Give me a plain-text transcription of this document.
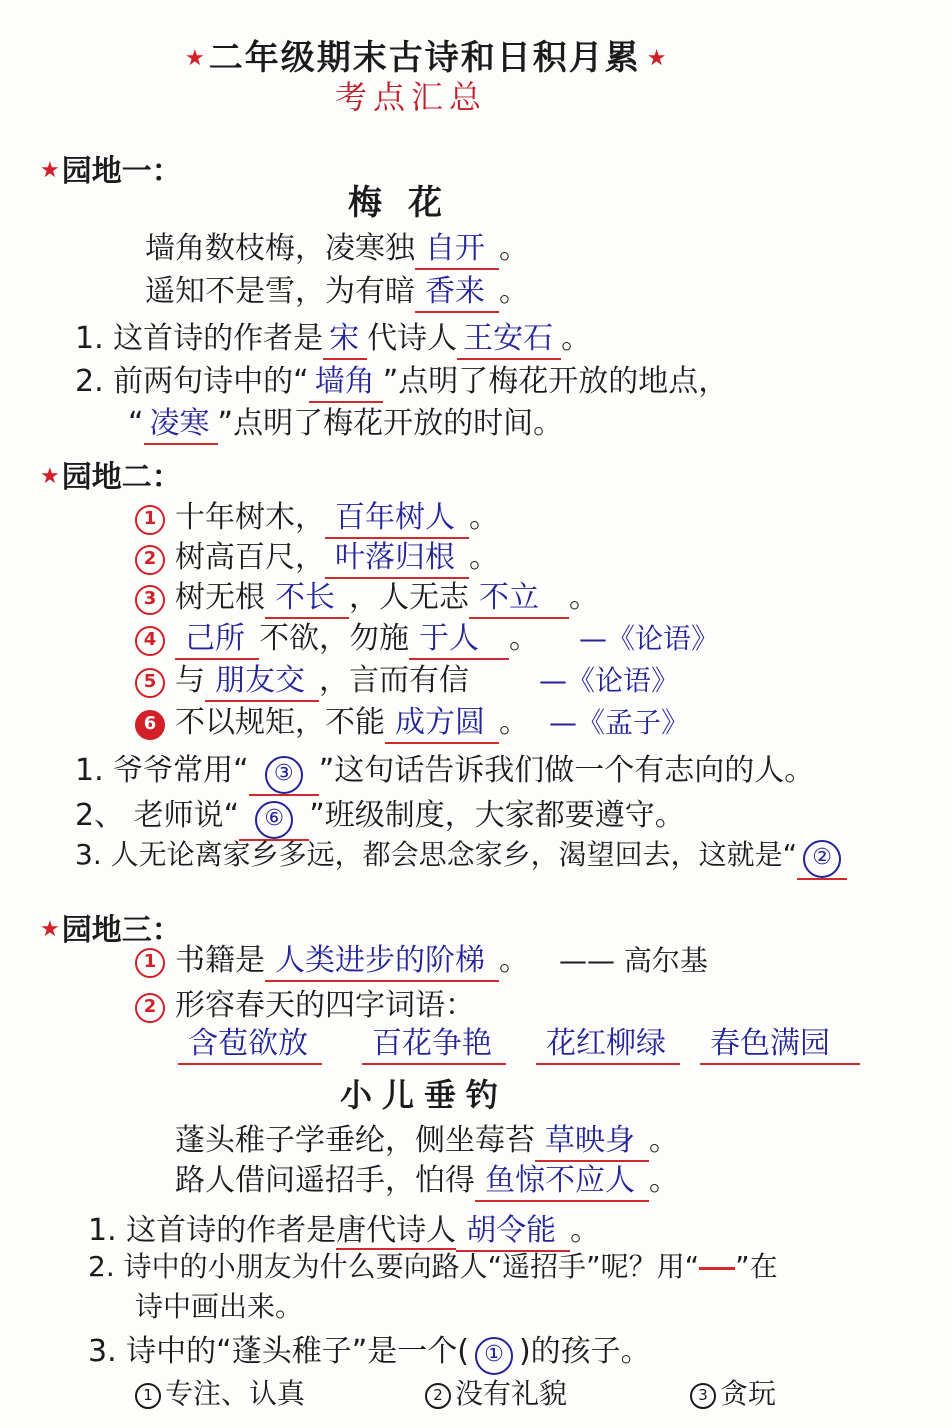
★二年级期末古诗和日积月累 ★
考点汇总
★园地一：
梅花
墙角数枝梅，凌寒独 自开 。
遥知不是雪，为有暗 香来 。
1. 这首诗的作者是 宋 代诗人 王安石 。
2. 前两句诗中的“ 墙角 ”点明了梅花开放的地点，
“ 凌寒 ”点明了梅花开放的时间。
★园地二：
1 十年树木， 百年树人 。
2 树高百尺， 叶落归根 。
3 树无根 不长 ，人无志 不立 。
4 己所 不欲，勿施 于人 。 —《论语》
5 与 朋友交 ，言而有信	—《论语》
6 不以规矩，不能 成方圆 。 —《孟子》
1. 爷爷常用“ ③ ”这句话告诉我们做一个有志向的人。
2、 老师说“ ⑥ ”班级制度，大家都要遵守。
3. 人无论离家乡多远，都会思念家乡，渴望回去，这就是“ ②
★园地三：
1 书籍是 人类进步的阶梯 。 —— 高尔基
2 形容春天的四字词语：
含苞欲放 百花争艳 花红柳绿 春色满园
小儿垂钓
蓬头稚子学垂纶，侧坐莓苔 草映身 。
路人借问遥招手，怕得 鱼惊不应人 。
1. 这首诗的作者是唐代诗人 胡令能 。
2. 诗中的小朋友为什么要向路人“遥招手”呢？用“ ”在
诗中画出来。
3. 诗中的“蓬头稚子”是一个( ① )的孩子。
1 专注、认真	2 没有礼貌	3 贪玩
